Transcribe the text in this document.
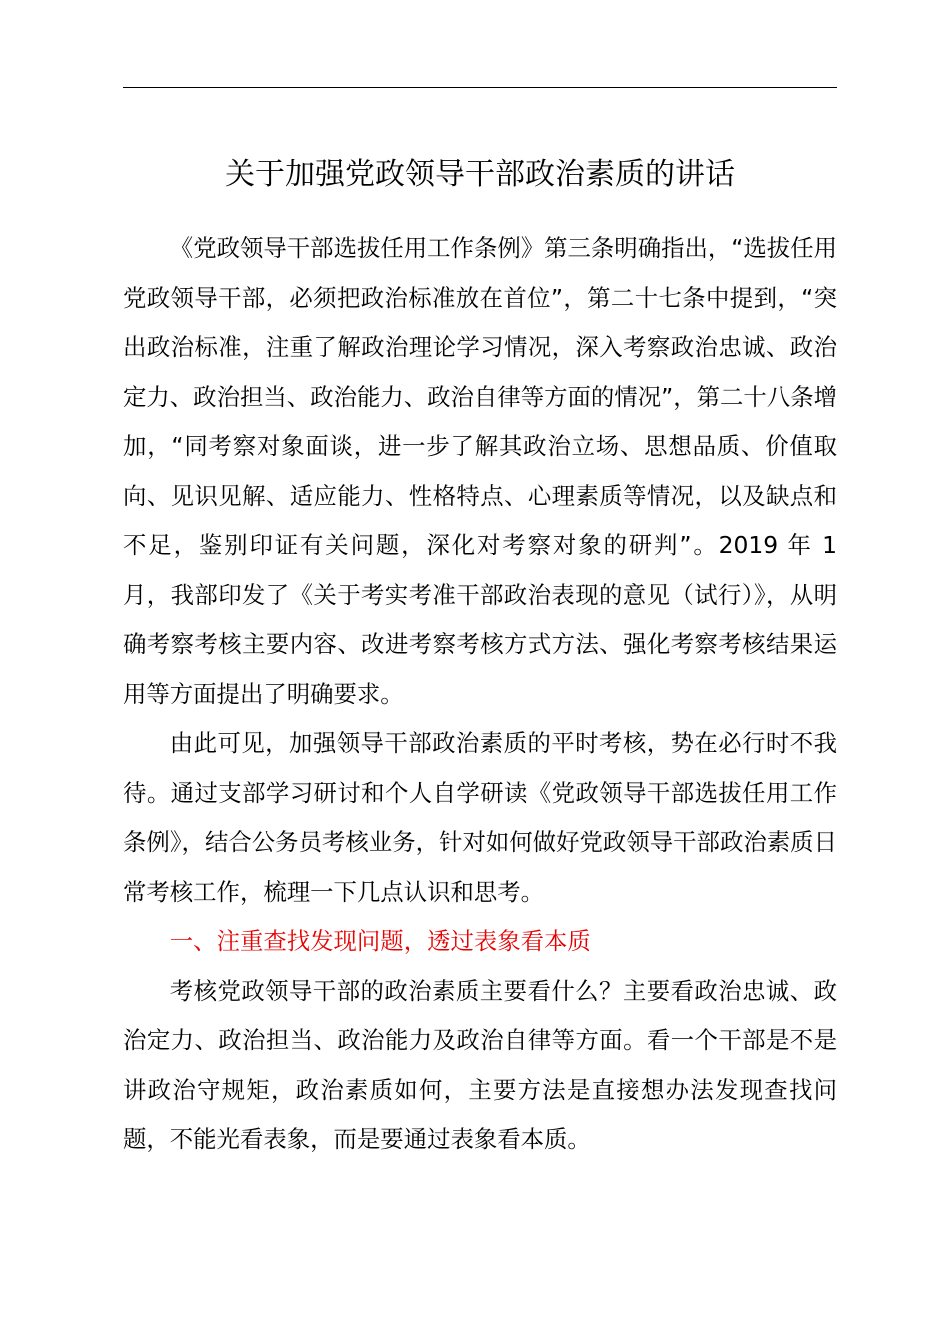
关于加强党政领导干部政治素质的讲话

《党政领导干部选拔任用工作条例》第三条明确指出，“选拔任用党政领导干部，必须把政治标准放在首位”，第二十七条中提到，“突出政治标准，注重了解政治理论学习情况，深入考察政治忠诚、政治定力、政治担当、政治能力、政治自律等方面的情况”，第二十八条增加，“同考察对象面谈，进一步了解其政治立场、思想品质、价值取向、见识见解、适应能力、性格特点、心理素质等情况，以及缺点和不足，鉴别印证有关问题，深化对考察对象的研判”。2019 年 1 月，我部印发了《关于考实考准干部政治表现的意见（试行）》，从明确考察考核主要内容、改进考察考核方式方法、强化考察考核结果运用等方面提出了明确要求。

由此可见，加强领导干部政治素质的平时考核，势在必行时不我待。通过支部学习研讨和个人自学研读《党政领导干部选拔任用工作条例》，结合公务员考核业务，针对如何做好党政领导干部政治素质日常考核工作，梳理一下几点认识和思考。

一、注重查找发现问题，透过表象看本质

考核党政领导干部的政治素质主要看什么？主要看政治忠诚、政治定力、政治担当、政治能力及政治自律等方面。看一个干部是不是讲政治守规矩，政治素质如何，主要方法是直接想办法发现查找问题，不能光看表象，而是要通过表象看本质。
